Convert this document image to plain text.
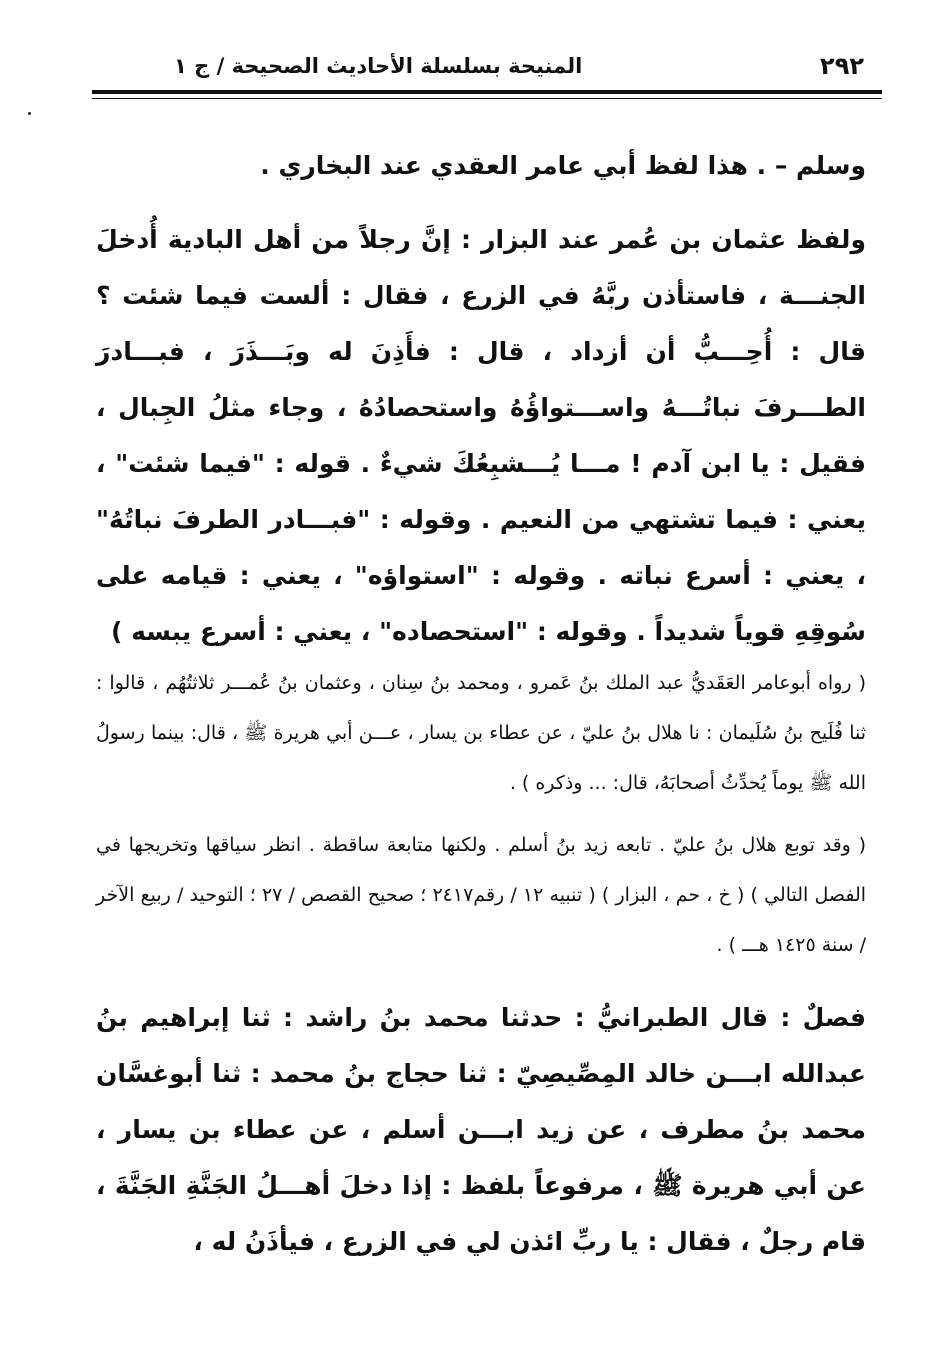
٢٩٢
المنيحة بسلسلة الأحاديث الصحيحة / ج ١

وسلم – . هذا لفظ أبي عامر العقدي عند البخاري .

ولفظ عثمان بن عُمر عند البزار : إنَّ رجلاً من أهل البادية أُدخلَ الجنـــة ، فاستأذن ربَّهُ في الزرع ، فقال : ألست فيما شئت ؟ قال : أُحِـــبُّ أن أزداد ، قال : فأَذِنَ له وبَـــذَرَ ، فبـــادرَ الطـــرفَ نباتُـــهُ واســـتواؤُهُ واستحصادُهُ ، وجاء مثلُ الجِبال ، فقيل : يا ابن آدم ! مـــا يُـــشبِعُكَ شيءٌ . قوله : "فيما شئت" ، يعني : فيما تشتهي من النعيم . وقوله : "فبـــادر الطرفَ نباتُهُ" ، يعني : أسرع نباته . وقوله : "استواؤه" ، يعني : قيامه على سُوقِهِ قوياً شديداً . وقوله : "استحصاده" ، يعني : أسرع يبسه )

( رواه أبوعامر العَقَديُّ عبد الملك بنُ عَمرو ، ومحمد بنُ سِنان ، وعثمان بنُ عُمـــر ثلاثتُهُم ، قالوا : ثنا فُلَيح بنُ سُلَيمان : نا هلال بنُ عليّ ، عن عطاء بن يسار ، عـــن أبي هريرة ﷺ ، قال: بينما رسولُ الله ﷺ يوماً يُحدِّثُ أصحابَهُ، قال: ... وذكره ) .

( وقد توبع هلال بنُ عليّ . تابعه زيد بنُ أسلم . ولكنها متابعة ساقطة . انظر سياقها وتخريجها في الفصل التالي ) ( خ ، حم ، البزار ) ( تنبيه ١٢ / رقم٢٤١٧ ؛ صحيح القصص / ٢٧ ؛ التوحيد / ربيع الآخر / سنة ١٤٢٥ هـــ ) .

فصلٌ : قال الطبرانيُّ : حدثنا محمد بنُ راشد : ثنا إبراهيم بنُ عبدالله ابـــن خالد المِصِّيصِيّ : ثنا حجاج بنُ محمد : ثنا أبوغسَّان محمد بنُ مطرف ، عن زيد ابـــن أسلم ، عن عطاء بن يسار ، عن أبي هريرة ﷺ ، مرفوعاً بلفظ : إذا دخلَ أهـــلُ الجَنَّةِ الجَنَّةَ ، قام رجلٌ ، فقال : يا ربِّ ائذن لي في الزرع ، فيأذَنُ له ،
